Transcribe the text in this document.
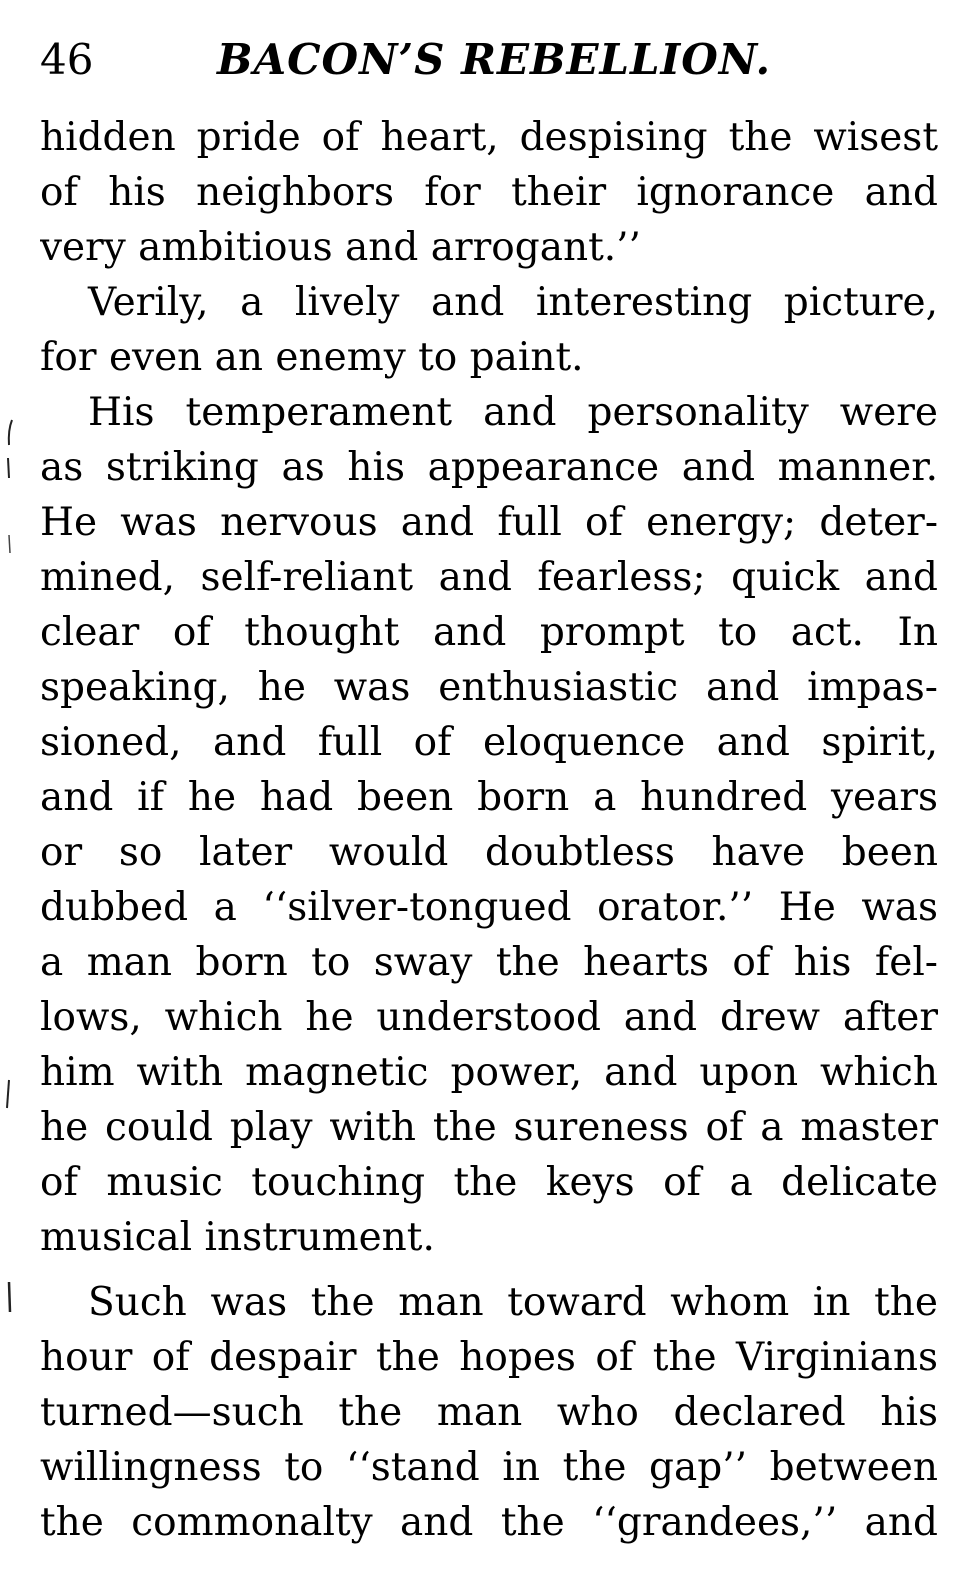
46	BACON’S REBELLION.
hidden pride of heart, despising the wisest
of his neighbors for their ignorance and
very ambitious and arrogant.’’
Verily, a lively and interesting picture,
for even an enemy to paint.
His temperament and personality were
as striking as his appearance and manner.
He was nervous and full of energy; deter-
mined, self-reliant and fearless; quick and
clear of thought and prompt to act. In
speaking, he was enthusiastic and impas-
sioned, and full of eloquence and spirit,
and if he had been born a hundred years
or so later would doubtless have been
dubbed a ‘‘silver-tongued orator.’’ He was
a man born to sway the hearts of his fel-
lows, which he understood and drew after
him with magnetic power, and upon which
he could play with the sureness of a master
of music touching the keys of a delicate
musical instrument.
Such was the man toward whom in the
hour of despair the hopes of the Virginians
turned—such the man who declared his
willingness to ‘‘stand in the gap’’ between
the commonalty and the ‘‘grandees,’’ and
